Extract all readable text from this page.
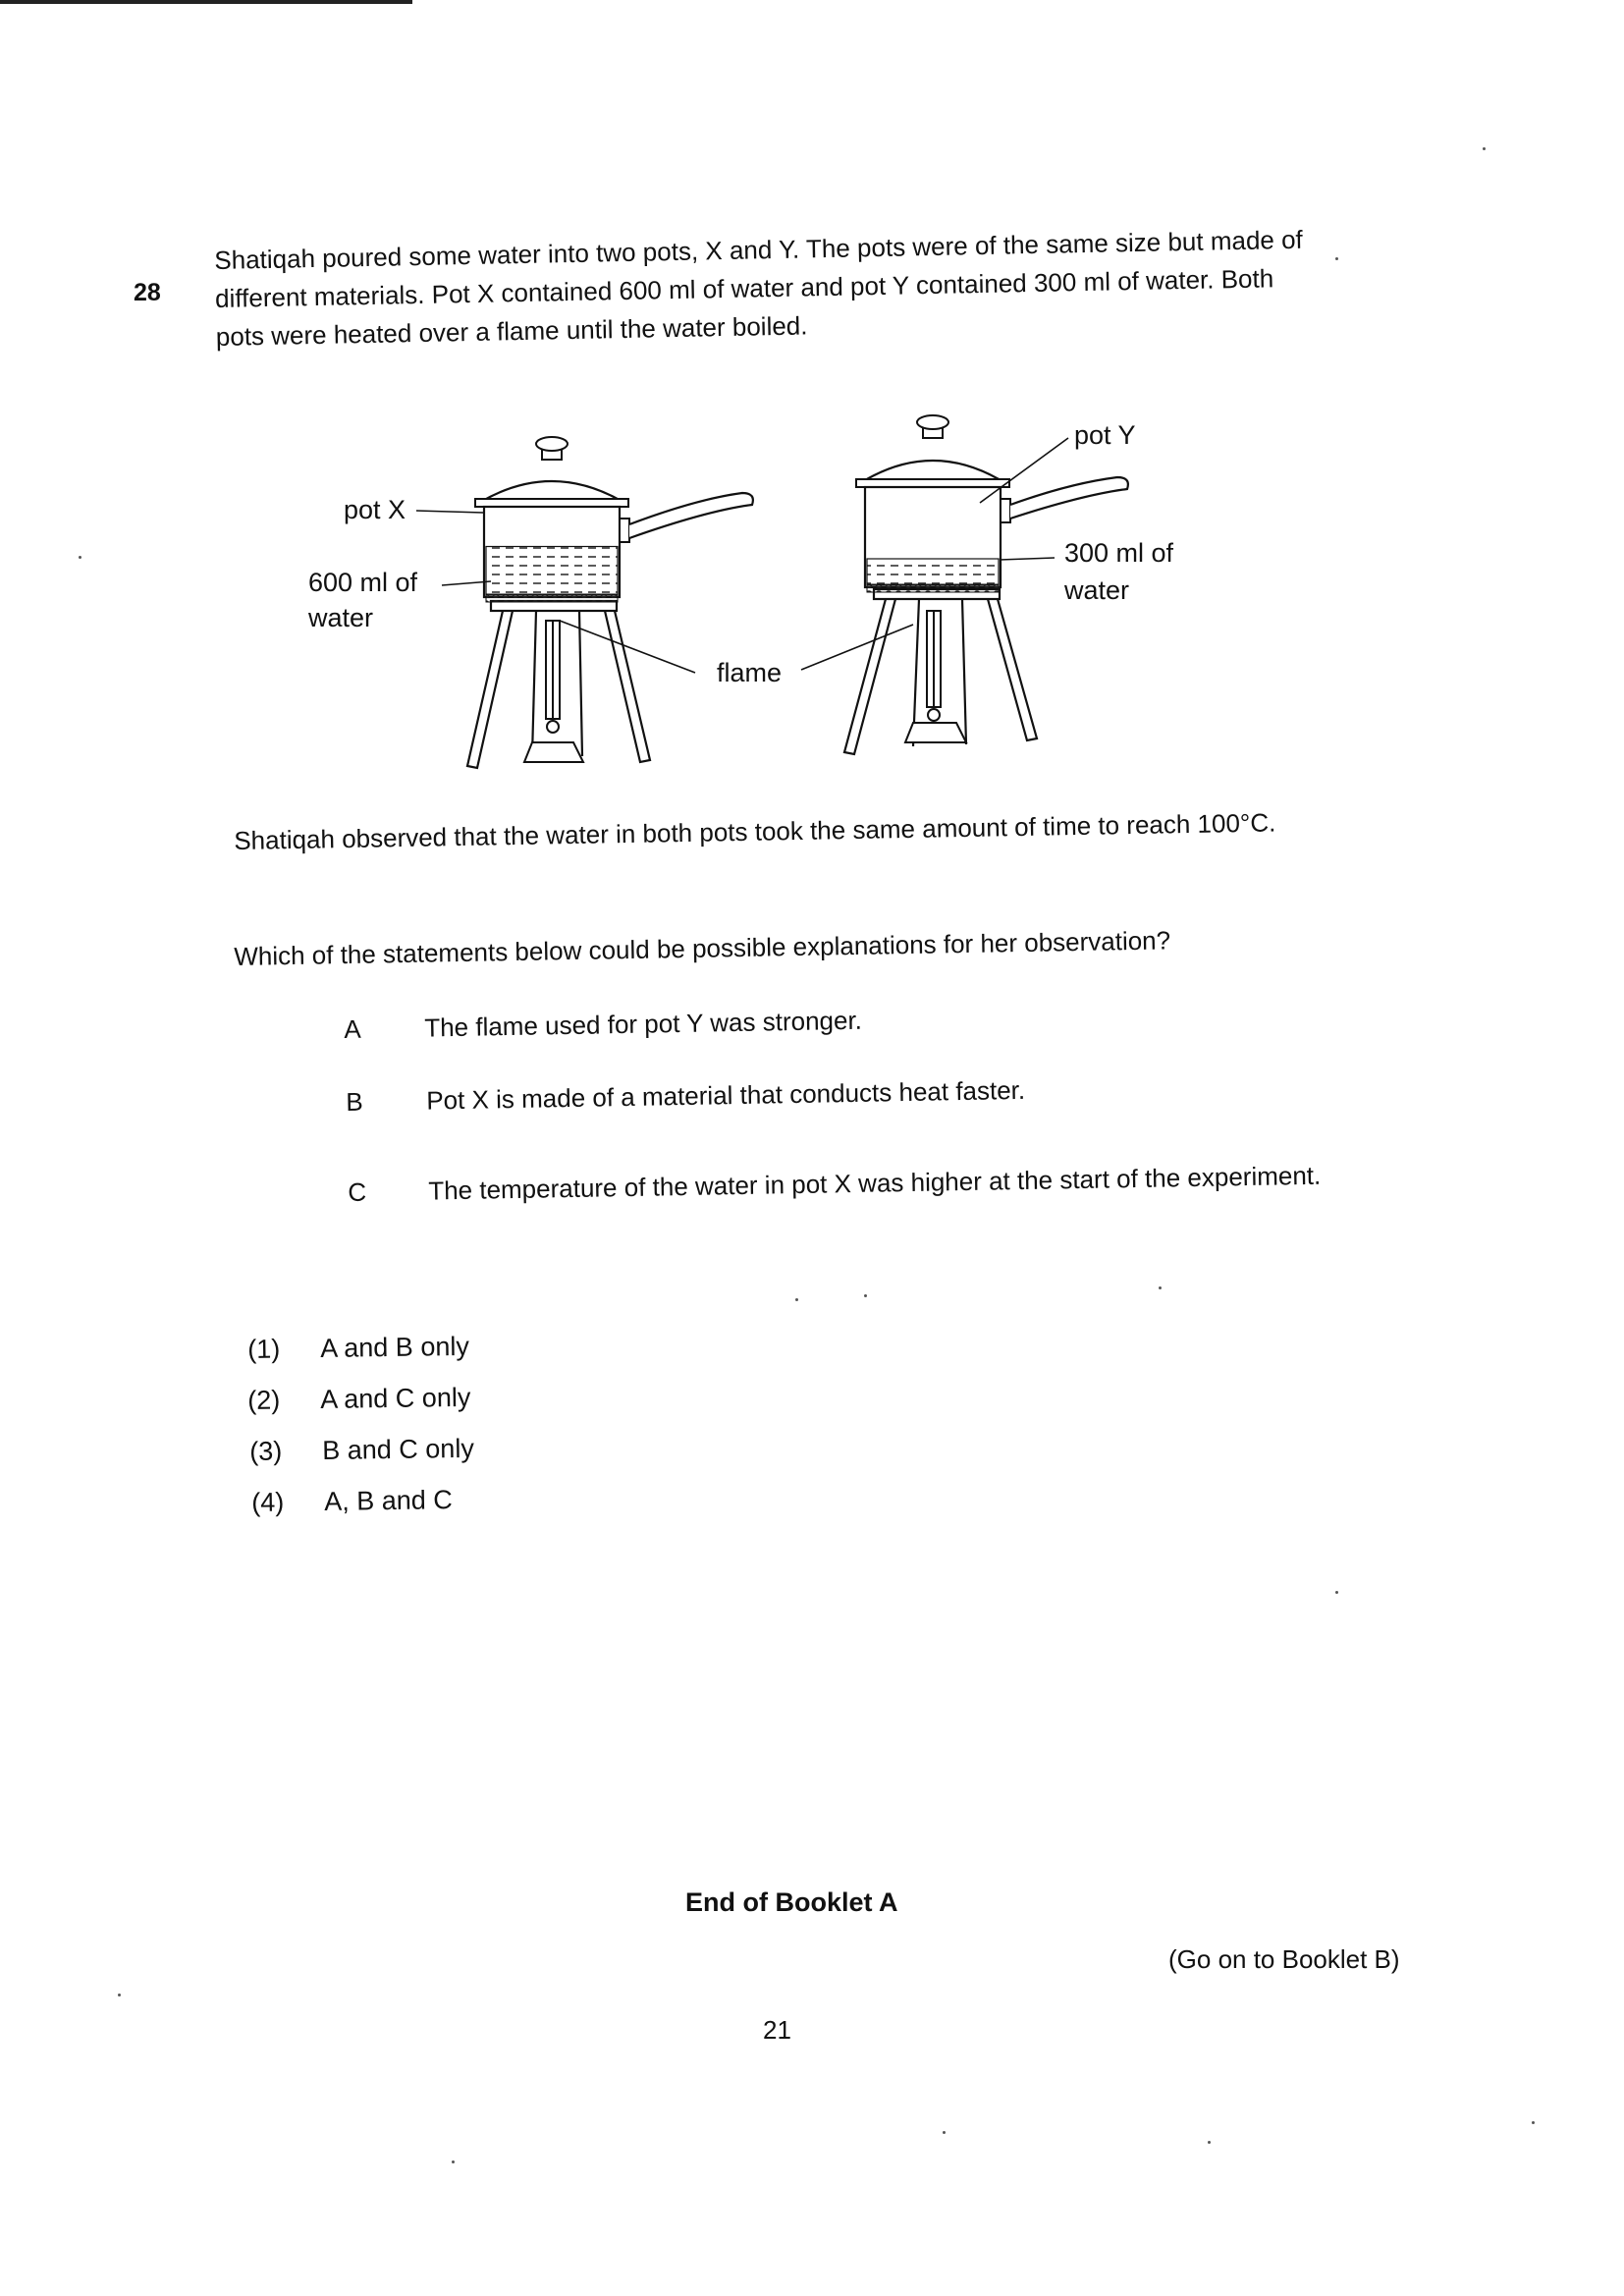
28

Shatiqah poured some water into two pots, X and Y. The pots were of the same size but made of different materials. Pot X contained 600 ml of water and pot Y contained 300 ml of water. Both pots were heated over a flame until the water boiled.

pot X
600 ml of
water
flame
pot Y
300 ml of
water

Shatiqah observed that the water in both pots took the same amount of time to reach 100°C.

Which of the statements below could be possible explanations for her observation?

A The flame used for pot Y was stronger.
B Pot X is made of a material that conducts heat faster.
C The temperature of the water in pot X was higher at the start of the experiment.
(1) A and B only
(2) A and C only
(3) B and C only
(4) A, B and C
End of Booklet A
(Go on to Booklet B)
21
